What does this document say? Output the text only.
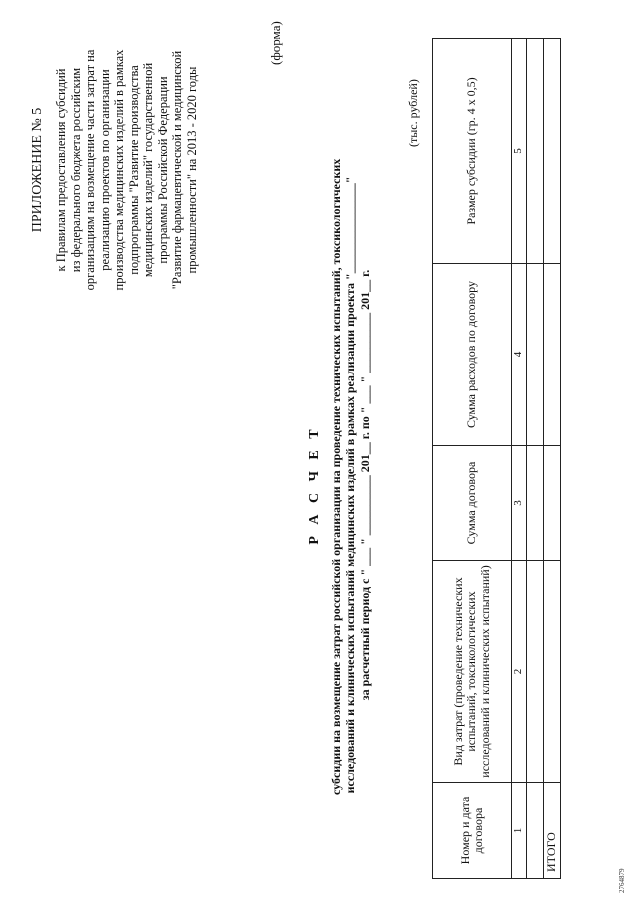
ПРИЛОЖЕНИЕ № 5 к Правилам предоставления субсидий из федерального бюджета российским организациям на возмещение части затрат на реализацию проектов по организации производства медицинских изделий в рамках подпрограммы "Развитие производства медицинских изделий" государственной программы Российской Федерации "Развитие фармацевтической и медицинской промышленности" на 2013 - 2020 годы
(форма)
Р А С Ч Е Т субсидии на возмещение затрат российской организации на проведение технических испытаний, токсикологических исследований и клинических испытаний медицинских изделий в рамках реализации проекта "_______________" за расчетный период с " ___ " __________ 201__ г. по " ___ " __________ 201__ г.
(тыс. рублей)
Номер и дата договора	Вид затрат (проведение технических испытаний, токсикологических исследований и клинических испытаний)	Сумма договора	Сумма расходов по договору	Размер субсидии (гр. 4 x 0,5)
1	2	3	4	5

ИТОГО				
2764879
